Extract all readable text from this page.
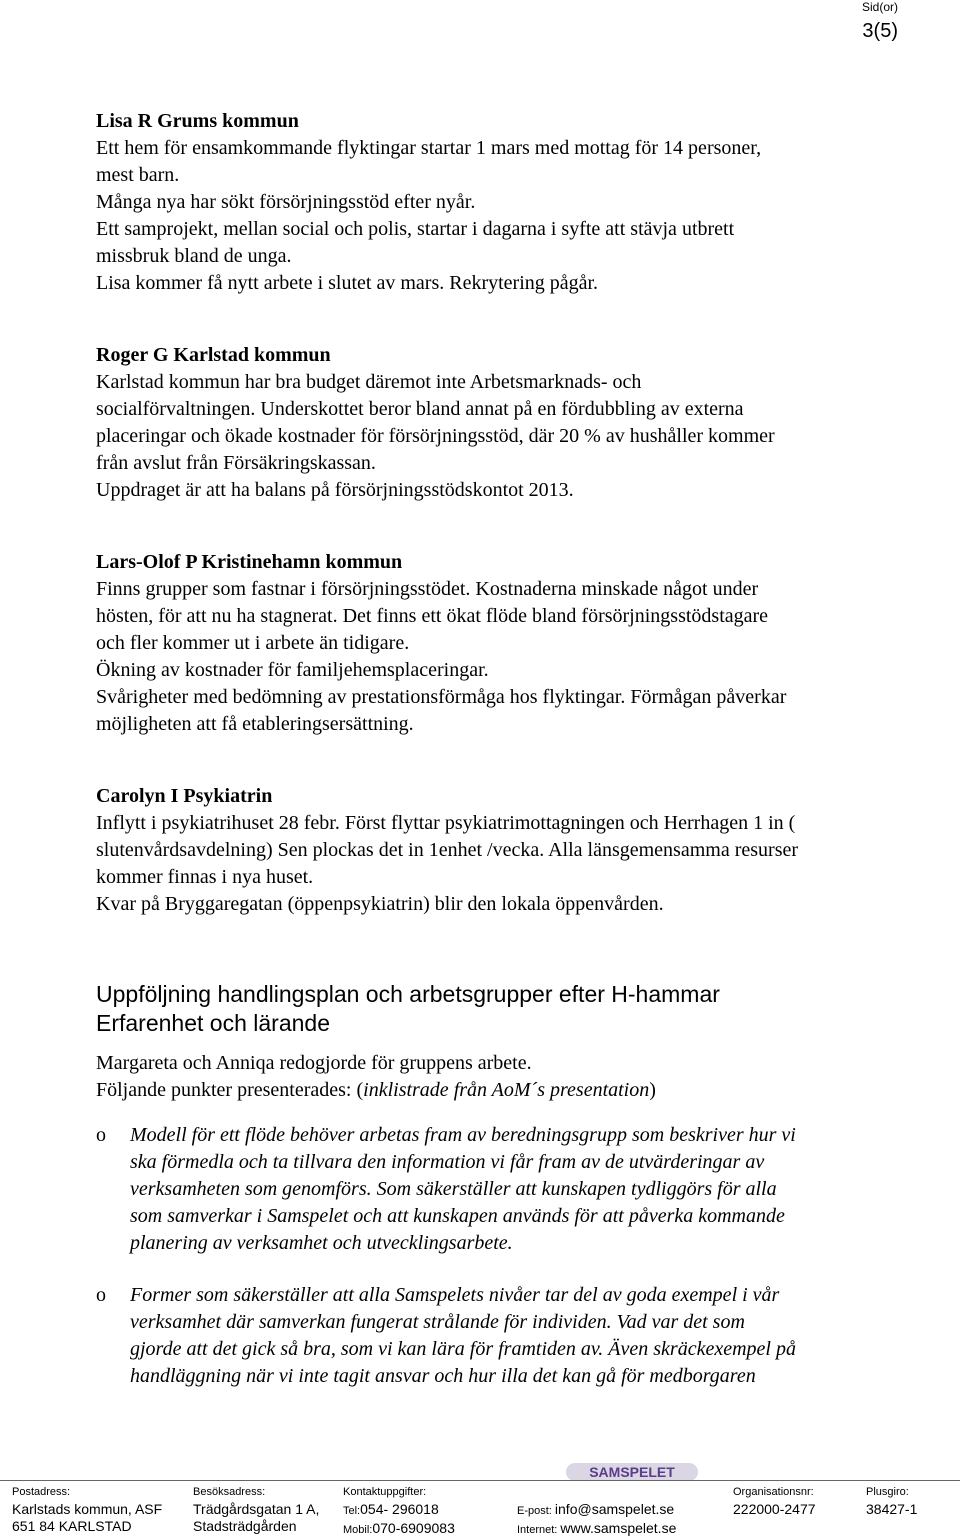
Sid(or)
3(5)

Lisa R Grums kommun

Ett hem för ensamkommande flyktingar startar 1 mars med mottag för 14 personer,
mest barn.
Många nya har sökt försörjningsstöd efter nyår.
Ett samprojekt, mellan social och polis, startar i dagarna i syfte att stävja utbrett
missbruk bland de unga.
Lisa kommer få nytt arbete i slutet av mars. Rekrytering pågår.

Roger G Karlstad kommun

Karlstad kommun har bra budget däremot inte Arbetsmarknads- och
socialförvaltningen. Underskottet beror bland annat på en fördubbling av externa
placeringar och ökade kostnader för försörjningsstöd, där 20 % av hushåller kommer
från avslut från Försäkringskassan.
Uppdraget är att ha balans på försörjningsstödskontot 2013.

Lars-Olof P Kristinehamn kommun

Finns grupper som fastnar i försörjningsstödet. Kostnaderna minskade något under
hösten, för att nu ha stagnerat. Det finns ett ökat flöde bland försörjningsstödstagare
och fler kommer ut i arbete än tidigare.
Ökning av kostnader för familjehemsplaceringar.
Svårigheter med bedömning av prestationsförmåga hos flyktingar. Förmågan påverkar
möjligheten att få etableringsersättning.

Carolyn I Psykiatrin

Inflytt i psykiatrihuset 28 febr. Först flyttar psykiatrimottagningen och Herrhagen 1 in (
slutenvårdsavdelning) Sen plockas det in 1enhet /vecka. Alla länsgemensamma resurser
kommer finnas i nya huset.
Kvar på Bryggaregatan (öppenpsykiatrin) blir den lokala öppenvården.

Uppföljning handlingsplan och arbetsgrupper efter H-hammar
Erfarenhet och lärande

Margareta och Anniqa redogjorde för gruppens arbete.
Följande punkter presenterades: (inklistrade från AoM´s presentation)

o Modell för ett flöde behöver arbetas fram av beredningsgrupp som beskriver hur vi
ska förmedla och ta tillvara den information vi får fram av de utvärderingar av
verksamheten som genomförs. Som säkerställer att kunskapen tydliggörs för alla
som samverkar i Samspelet och att kunskapen används för att påverka kommande
planering av verksamhet och utvecklingsarbete.
o Former som säkerställer att alla Samspelets nivåer tar del av goda exempel i vår
verksamhet där samverkan fungerat strålande för individen. Vad var det som
gjorde att det gick så bra, som vi kan lära för framtiden av. Även skräckexempel på
handläggning när vi inte tagit ansvar och hur illa det kan gå för medborgaren
SAMSPELET
Postadress:
Karlstads kommun, ASF
651 84 KARLSTAD
Besöksadress:
Trädgårdsgatan 1 A,
Stadsträdgården
Kontaktuppgifter:
Tel:054- 296018
Mobil:070-6909083

E-post: info@samspelet.se
Internet: www.samspelet.se
Organisationsnr:
222000-2477
Plusgiro:
38427-1
